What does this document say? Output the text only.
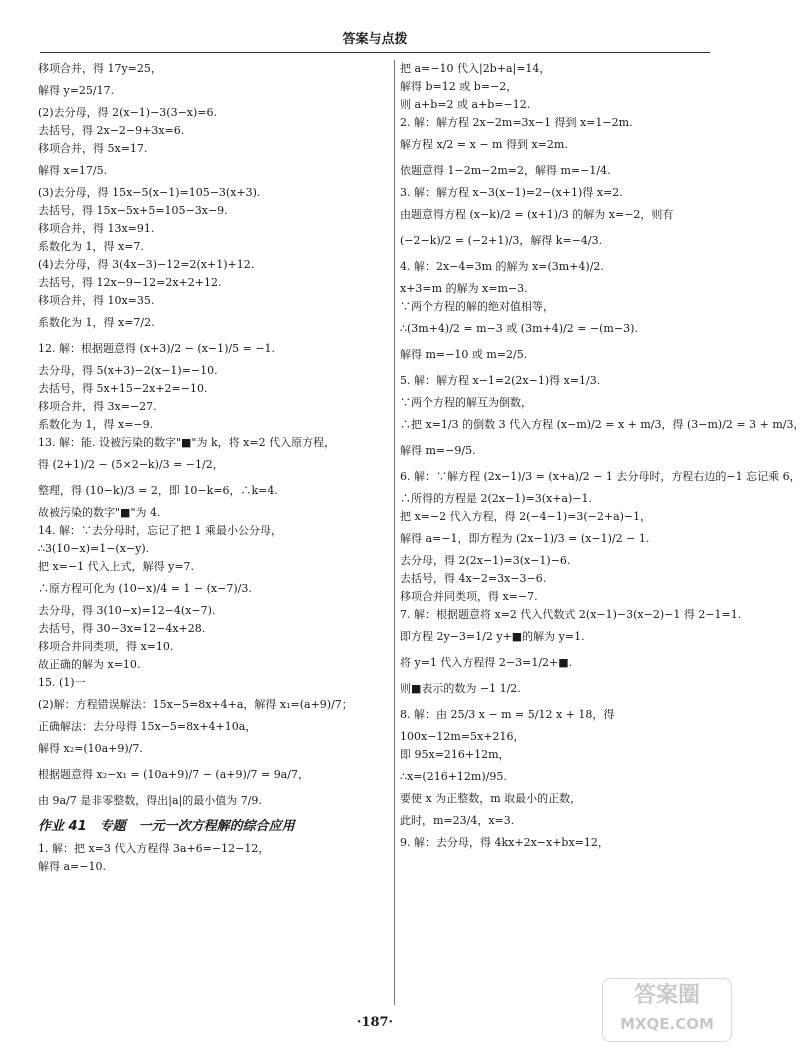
答案与点拨
移项合并，得 17y=25，
解得 y=25/17.
(2)去分母，得 2(x−1)−3(3−x)=6.
去括号，得 2x−2−9+3x=6.
移项合并，得 5x=17.
解得 x=17/5.
(3)去分母，得 15x−5(x−1)=105−3(x+3).
去括号，得 15x−5x+5=105−3x−9.
移项合并，得 13x=91.
系数化为 1，得 x=7.
(4)去分母，得 3(4x−3)−12=2(x+1)+12.
去括号，得 12x−9−12=2x+2+12.
移项合并，得 10x=35.
系数化为 1，得 x=7/2.
12. 解：根据题意得 (x+3)/2 − (x−1)/5 = −1.
去分母，得 5(x+3)−2(x−1)=−10.
去括号，得 5x+15−2x+2=−10.
移项合并，得 3x=−27.
系数化为 1，得 x=−9.
13. 解：能. 设被污染的数字"■"为 k，将 x=2 代入原方程，
得 (2+1)/2 − (5×2−k)/3 = −1/2，
整理，得 (10−k)/3 = 2，即 10−k=6，∴k=4.
故被污染的数字"■"为 4.
14. 解：∵去分母时，忘记了把 1 乘最小公分母，
∴3(10−x)=1−(x−y).
把 x=−1 代入上式，解得 y=7.
∴原方程可化为 (10−x)/4 = 1 − (x−7)/3.
去分母，得 3(10−x)=12−4(x−7).
去括号，得 30−3x=12−4x+28.
移项合并同类项，得 x=10.
故正确的解为 x=10.
15. (1)一
(2)解：方程错误解法：15x−5=8x+4+a，解得 x₁=(a+9)/7；
正确解法：去分母得 15x−5=8x+4+10a，
解得 x₂=(10a+9)/7.
根据题意得 x₂−x₁ = (10a+9)/7 − (a+9)/7 = 9a/7，
由 9a/7 是非零整数，得出|a|的最小值为 7/9.
作业 41　专题　一元一次方程解的综合应用
1. 解：把 x=3 代入方程得 3a+6=−12−12，
解得 a=−10.
把 a=−10 代入|2b+a|=14，
解得 b=12 或 b=−2，
则 a+b=2 或 a+b=−12.
2. 解：解方程 2x−2m=3x−1 得到 x=1−2m.
解方程 x/2 = x − m 得到 x=2m.
依题意得 1−2m−2m=2，解得 m=−1/4.
3. 解：解方程 x−3(x−1)=2−(x+1)得 x=2.
由题意得方程 (x−k)/2 = (x+1)/3 的解为 x=−2，则有
(−2−k)/2 = (−2+1)/3，解得 k=−4/3.
4. 解：2x−4=3m 的解为 x=(3m+4)/2.
x+3=m 的解为 x=m−3.
∵两个方程的解的绝对值相等，
∴(3m+4)/2 = m−3 或 (3m+4)/2 = −(m−3).
解得 m=−10 或 m=2/5.
5. 解：解方程 x−1=2(2x−1)得 x=1/3.
∵两个方程的解互为倒数，
∴把 x=1/3 的倒数 3 代入方程 (x−m)/2 = x + m/3，得 (3−m)/2 = 3 + m/3，
解得 m=−9/5.
6. 解：∵解方程 (2x−1)/3 = (x+a)/2 − 1 去分母时，方程右边的−1 忘记乘 6，
∴所得的方程是 2(2x−1)=3(x+a)−1.
把 x=−2 代入方程，得 2(−4−1)=3(−2+a)−1，
解得 a=−1，即方程为 (2x−1)/3 = (x−1)/2 − 1.
去分母，得 2(2x−1)=3(x−1)−6.
去括号，得 4x−2=3x−3−6.
移项合并同类项，得 x=−7.
7. 解：根据题意将 x=2 代入代数式 2(x−1)−3(x−2)−1 得 2−1=1.
即方程 2y−3=1/2 y+■的解为 y=1.
将 y=1 代入方程得 2−3=1/2+■.
则■表示的数为 −1 1/2.
8. 解：由 25/3 x − m = 5/12 x + 18，得
100x−12m=5x+216，
即 95x=216+12m，
∴x=(216+12m)/95.
要使 x 为正整数，m 取最小的正数，
此时，m=23/4，x=3.
9. 解：去分母，得 4kx+2x−x+bx=12，
·187·
答案圈
MXQE.COM
